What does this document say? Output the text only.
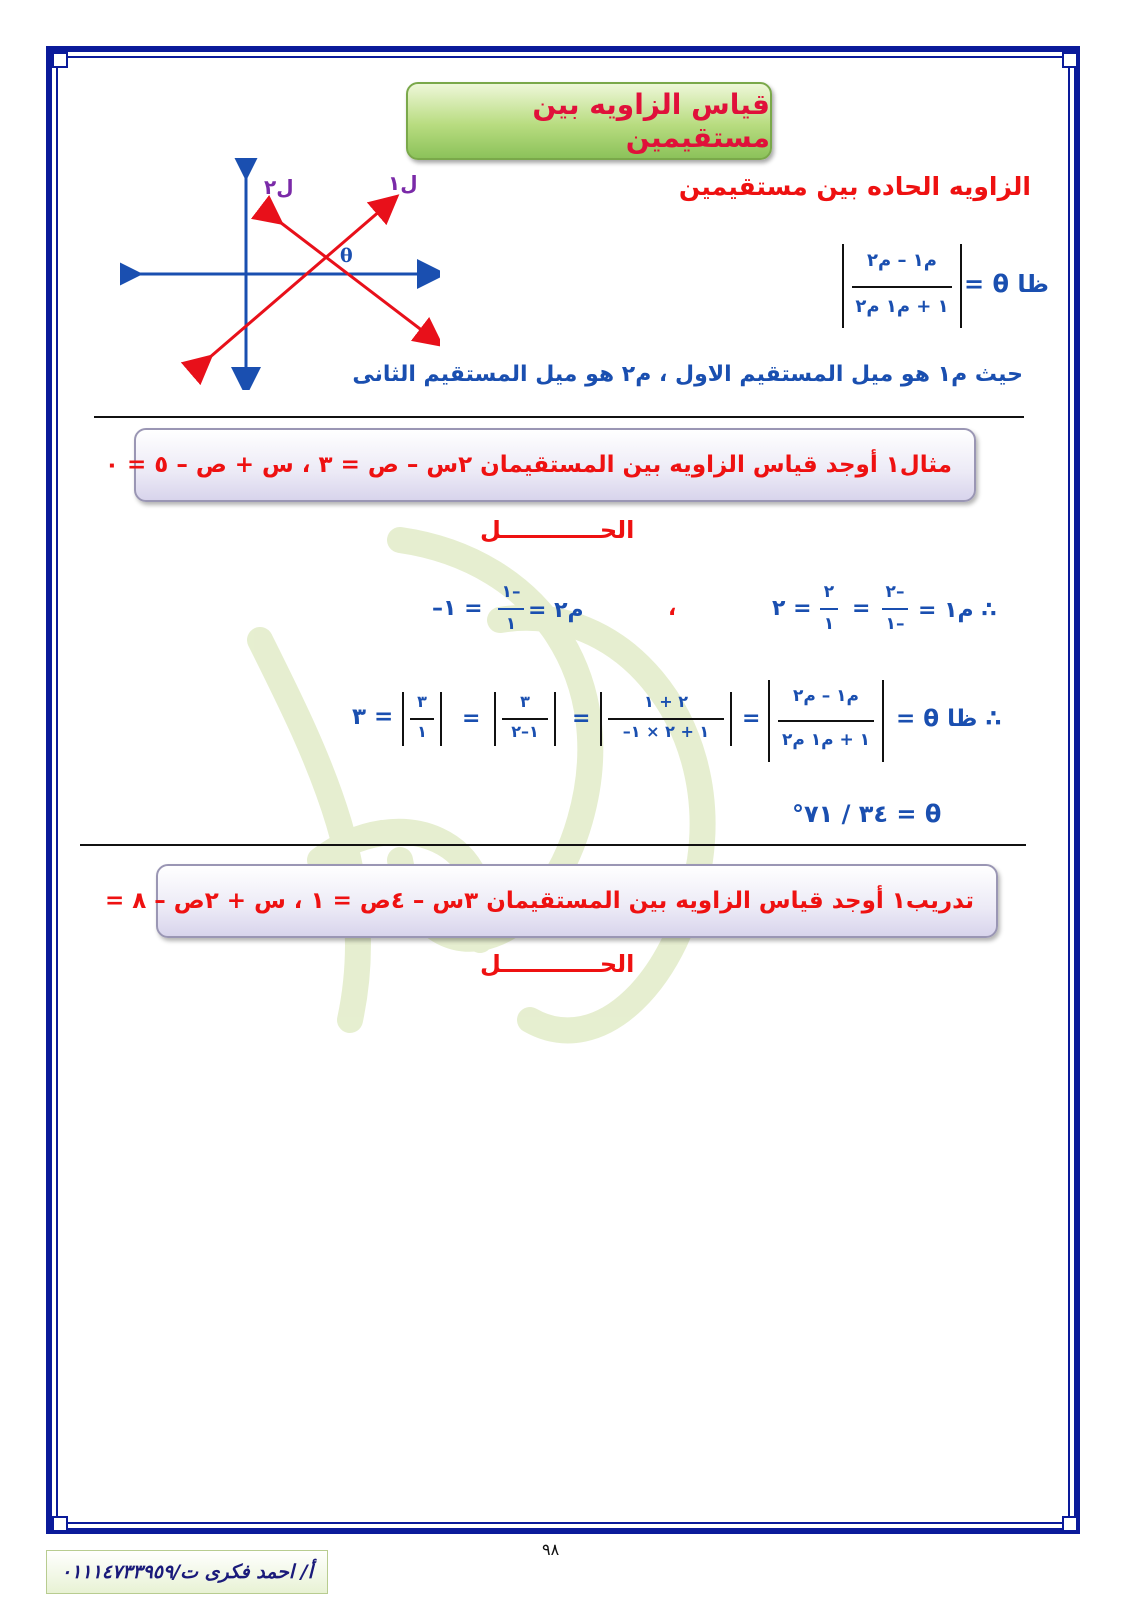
قياس الزاويه بين مستقيمين
الزاويه الحاده بين مستقيمين
م١ – م٢
١ + م١ م٢
ظا θ =
حيث م١ هو ميل المستقيم الاول ، م٢ هو ميل المستقيم الثانى
ل٢	ل١
θ
مثال١ أوجد قياس الزاويه بين المستقيمان ٢س – ص = ٣ ، س + ص – ٥ = ٠
الحــــــــــــل
∴ م١ =
٢–
١–
=
٢
١
= ٢
،
م٢ =
١–
١
= ١–
∴ ظا θ =
م١ – م٢
١ + م١ م٢
=
٢ + ١
١ + ٢ × ١–
=
٣
١–٢
=
٣
١
= ٣
θ = ٣٤ / ٧١°
تدريب١ أوجد قياس الزاويه بين المستقيمان ٣س – ٤ص = ١ ، س + ٢ص – ٨ =
الحــــــــــــل
٩٨
أ/ احمد فكرى ت/٠١١١٤٧٣٣٩٥٩
